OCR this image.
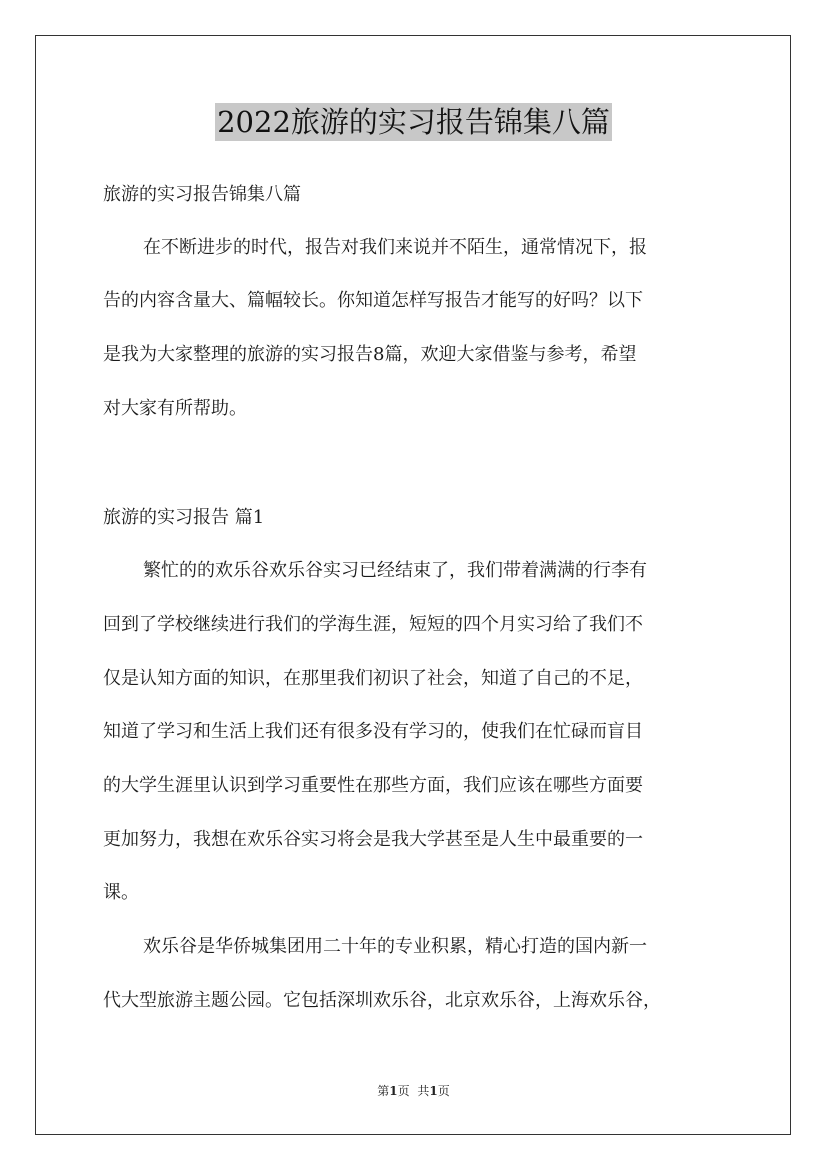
2022旅游的实习报告锦集八篇
旅游的实习报告锦集八篇
在不断进步的时代，报告对我们来说并不陌生，通常情况下，报
告的内容含量大、篇幅较长。你知道怎样写报告才能写的好吗？以下
是我为大家整理的旅游的实习报告8篇，欢迎大家借鉴与参考，希望
对大家有所帮助。
旅游的实习报告 篇1
繁忙的的欢乐谷欢乐谷实习已经结束了，我们带着满满的行李有
回到了学校继续进行我们的学海生涯，短短的四个月实习给了我们不
仅是认知方面的知识，在那里我们初识了社会，知道了自己的不足，
知道了学习和生活上我们还有很多没有学习的，使我们在忙碌而盲目
的大学生涯里认识到学习重要性在那些方面，我们应该在哪些方面要
更加努力，我想在欢乐谷实习将会是我大学甚至是人生中最重要的一
课。
欢乐谷是华侨城集团用二十年的专业积累，精心打造的国内新一
代大型旅游主题公园。它包括深圳欢乐谷，北京欢乐谷，上海欢乐谷，
第1页 共1页
